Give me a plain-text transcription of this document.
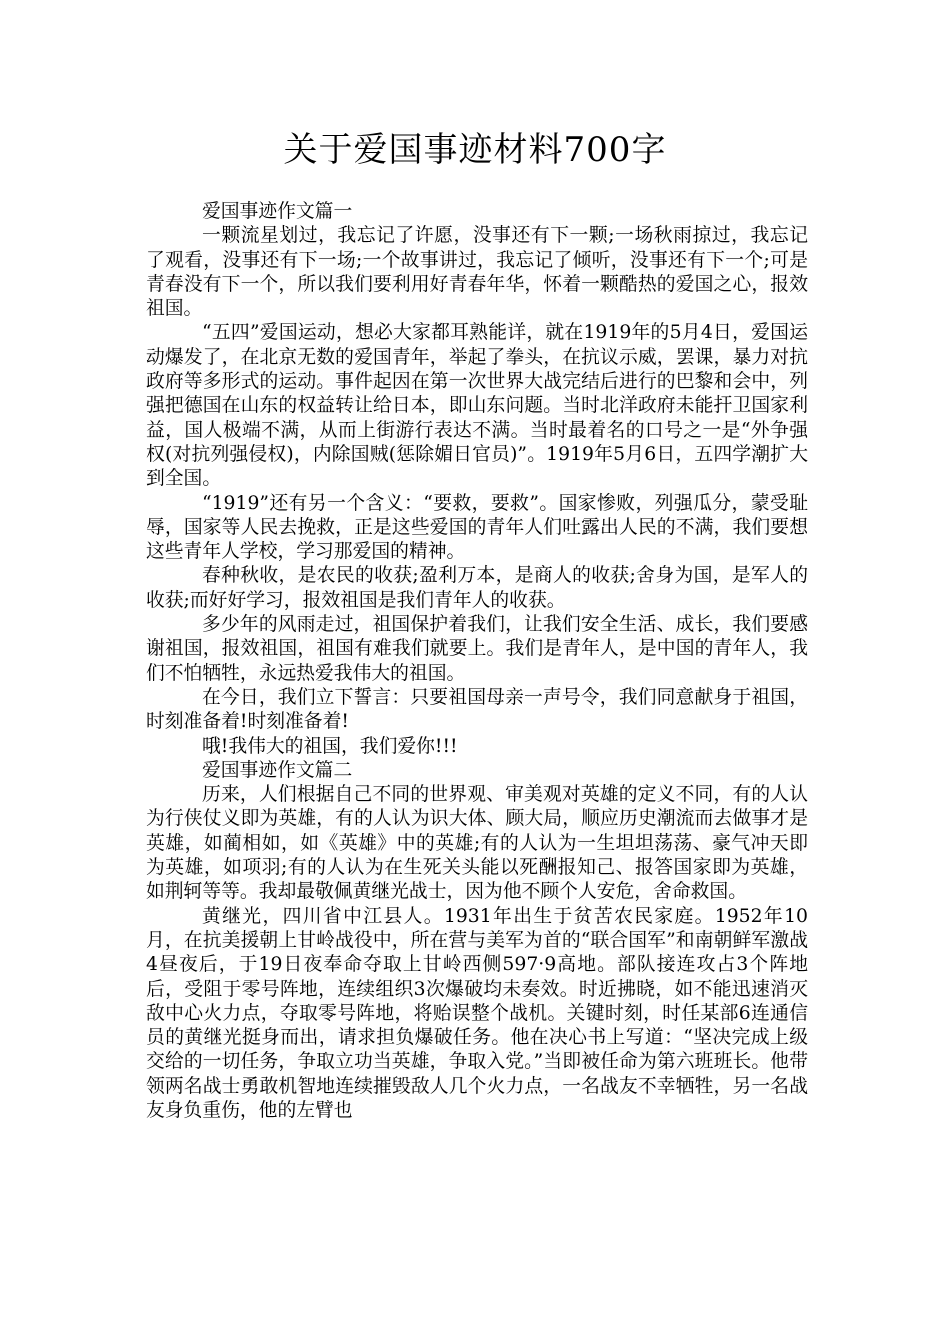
关于爱国事迹材料700字

爱国事迹作文篇一

一颗流星划过，我忘记了许愿，没事还有下一颗;一场秋雨掠过，我忘记了观看，没事还有下一场;一个故事讲过，我忘记了倾听，没事还有下一个;可是青春没有下一个，所以我们要利用好青春年华，怀着一颗酷热的爱国之心，报效祖国。

“五四”爱国运动，想必大家都耳熟能详，就在1919年的5月4日，爱国运动爆发了，在北京无数的爱国青年，举起了拳头，在抗议示威，罢课，暴力对抗政府等多形式的运动。事件起因在第一次世界大战完结后进行的巴黎和会中，列强把德国在山东的权益转让给日本，即山东问题。当时北洋政府未能扞卫国家利益，国人极端不满，从而上街游行表达不满。当时最着名的口号之一是“外争强权(对抗列强侵权)，内除国贼(惩除媚日官员)”。1919年5月6日，五四学潮扩大到全国。

“1919”还有另一个含义：“要救，要救”。国家惨败，列强瓜分，蒙受耻辱，国家等人民去挽救，正是这些爱国的青年人们吐露出人民的不满，我们要想这些青年人学校，学习那爱国的精神。

春种秋收，是农民的收获;盈利万本，是商人的收获;舍身为国，是军人的收获;而好好学习，报效祖国是我们青年人的收获。

多少年的风雨走过，祖国保护着我们，让我们安全生活、成长，我们要感谢祖国，报效祖国，祖国有难我们就要上。我们是青年人，是中国的青年人，我们不怕牺牲，永远热爱我伟大的祖国。

在今日，我们立下誓言：只要祖国母亲一声号令，我们同意献身于祖国，时刻准备着!时刻准备着!

哦!我伟大的祖国，我们爱你!!!

爱国事迹作文篇二

历来，人们根据自己不同的世界观、审美观对英雄的定义不同，有的人认为行侠仗义即为英雄，有的人认为识大体、顾大局，顺应历史潮流而去做事才是英雄，如蔺相如，如《英雄》中的英雄;有的人认为一生坦坦荡荡、豪气冲天即为英雄，如项羽;有的人认为在生死关头能以死酬报知己、报答国家即为英雄，如荆轲等等。我却最敬佩黄继光战士，因为他不顾个人安危，舍命救国。

黄继光，四川省中江县人。1931年出生于贫苦农民家庭。1952年10月，在抗美援朝上甘岭战役中，所在营与美军为首的“联合国军”和南朝鲜军激战4昼夜后，于19日夜奉命夺取上甘岭西侧597·9高地。部队接连攻占3个阵地后，受阻于零号阵地，连续组织3次爆破均未奏效。时近拂晓，如不能迅速消灭敌中心火力点，夺取零号阵地，将贻误整个战机。关键时刻，时任某部6连通信员的黄继光挺身而出，请求担负爆破任务。他在决心书上写道：“坚决完成上级交给的一切任务，争取立功当英雄，争取入党。”当即被任命为第六班班长。他带领两名战士勇敢机智地连续摧毁敌人几个火力点，一名战友不幸牺牲，另一名战友身负重伤，他的左臂也
